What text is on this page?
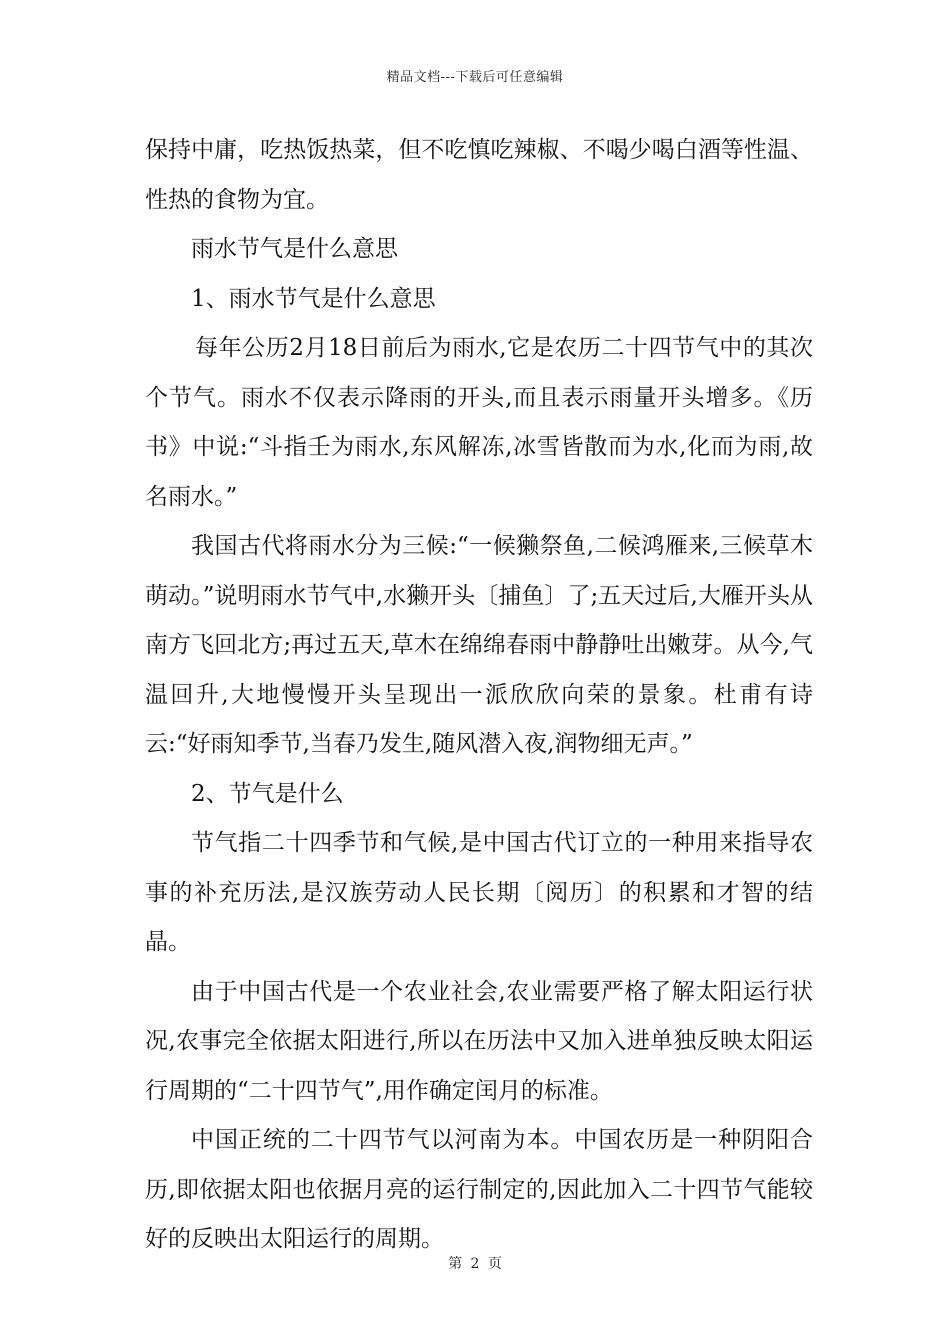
精品文档---下载后可任意编辑

保持中庸，吃热饭热菜，但不吃慎吃辣椒、不喝少喝白酒等性温、性热的食物为宜。

雨水节气是什么意思

1、雨水节气是什么意思

每年公历2月18日前后为雨水,它是农历二十四节气中的其次个节气。雨水不仅表示降雨的开头,而且表示雨量开头增多。《历书》中说:“斗指壬为雨水,东风解冻,冰雪皆散而为水,化而为雨,故名雨水。”

我国古代将雨水分为三候:“一候獭祭鱼,二候鸿雁来,三候草木萌动。”说明雨水节气中,水獭开头〔捕鱼〕了;五天过后,大雁开头从南方飞回北方;再过五天,草木在绵绵春雨中静静吐出嫩芽。从今,气温回升,大地慢慢开头呈现出一派欣欣向荣的景象。杜甫有诗云:“好雨知季节,当春乃发生,随风潜入夜,润物细无声。”

2、节气是什么

节气指二十四季节和气候,是中国古代订立的一种用来指导农事的补充历法,是汉族劳动人民长期〔阅历〕的积累和才智的结晶。

由于中国古代是一个农业社会,农业需要严格了解太阳运行状况,农事完全依据太阳进行,所以在历法中又加入进单独反映太阳运行周期的“二十四节气”,用作确定闰月的标准。

中国正统的二十四节气以河南为本。中国农历是一种阴阳合历,即依据太阳也依据月亮的运行制定的,因此加入二十四节气能较好的反映出太阳运行的周期。

第 2 页
